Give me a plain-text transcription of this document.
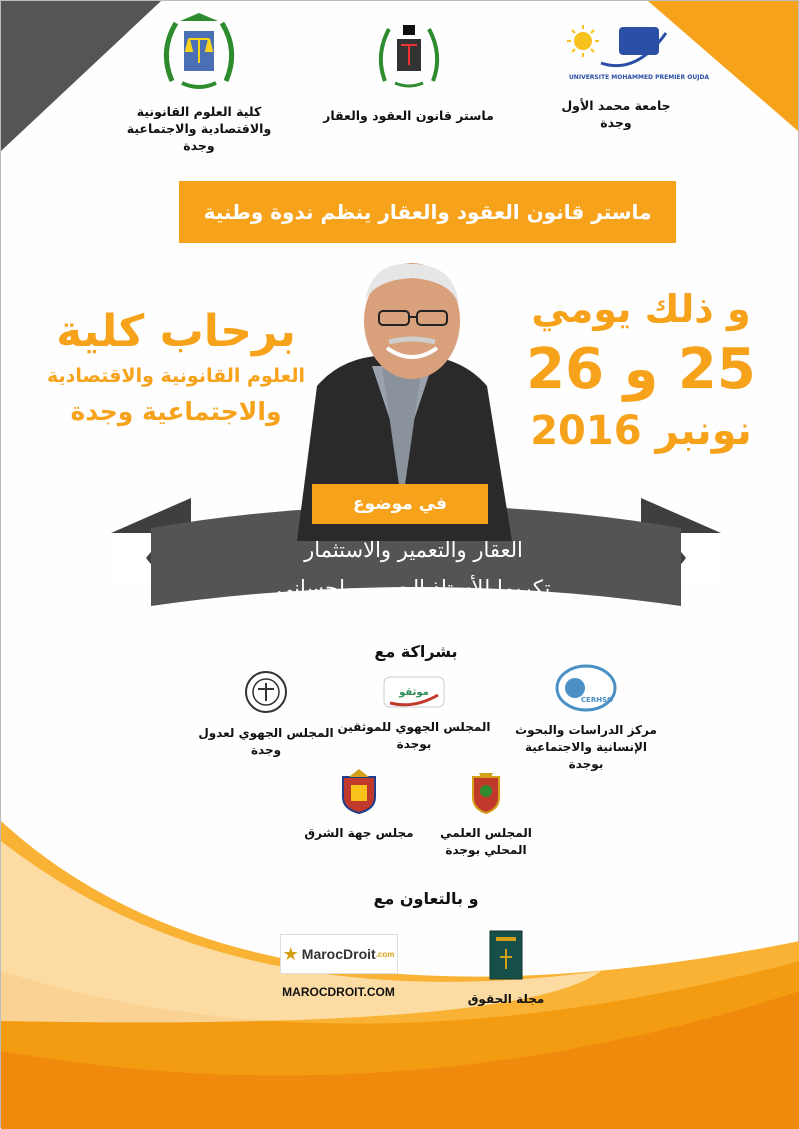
كلية العلوم القانونية
والاقتصادية والاجتماعية
وجدة
ماستر قانون العقود والعقار
UNIVERSITE MOHAMMED PREMIER OUJDA
جامعة محمد الأول
وجدة
ماستر قانون العقود والعقار ينظم ندوة وطنية
برحاب كلية
العلوم القانونية والاقتصادية
والاجتماعية وجدة
و ذلك يومي
25 و 26
نونبر 2016
في موضوع
العقار والتعمير والاستثمار
تكريما للأستاذ الحسين بلحساني
بشراكة مع
CERHSO
مركز الدراسات والبحوث
الإنسانية والاجتماعية
بوجدة
موثقو
المجلس الجهوي للموثقين
بوجدة
المجلس الجهوي لعدول
وجدة
المجلس العلمي
المحلي بوجدة
مجلس جهة الشرق
و بالتعاون مع
مجلة الحقوق
★ MarocDroit .com
MAROCDROIT.COM
